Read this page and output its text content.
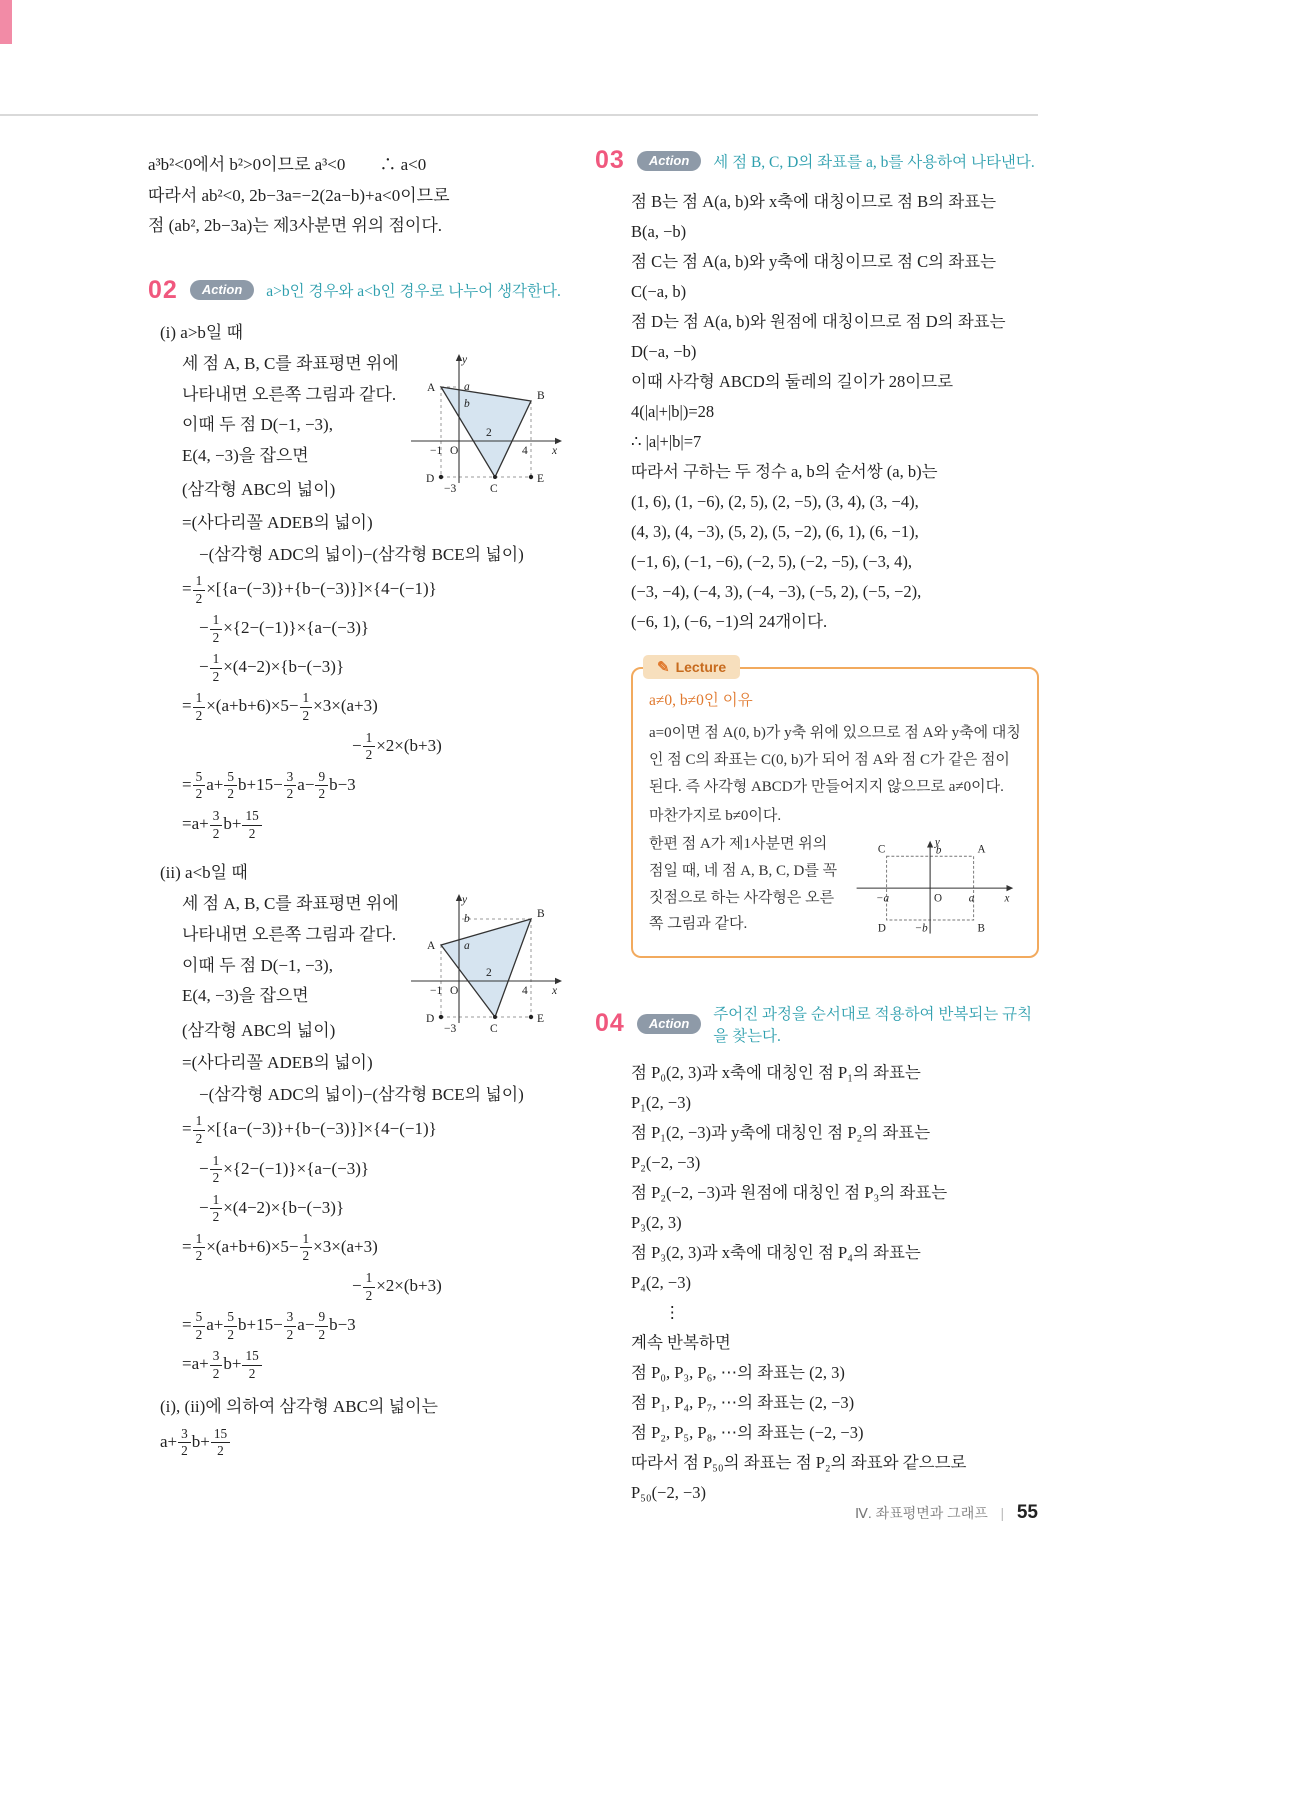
a³b²<0에서 b²>0이므로 a³<0　　∴ a<0
따라서 ab²<0, 2b−3a=−2(2a−b)+a<0이므로
점 (ab², 2b−3a)는 제3사분면 위의 점이다.
02	Action	a>b인 경우와 a<b인 경우로 나누어 생각한다.
(i) a>b일 때
y
A a
b
B
2
−1 O	4 x
D
−3	C
E
세 점 A, B, C를 좌표평면 위에
나타내면 오른쪽 그림과 같다.
이때 두 점 D(−1, −3),
E(4, −3)을 잡으면
(삼각형 ABC의 넓이)
=(사다리꼴 ADEB의 넓이)
　−(삼각형 ADC의 넓이)−(삼각형 BCE의 넓이)
= $\frac{1}{2} \times[\{a-(-3)\}+\{b-(-3)\}]\times\{4-(-1)\}$
　− $\frac{1}{2} \times\{2-(-1)\}\times\{a-(-3)\}$
　− $\frac{1}{2} \times(4-2)\times\{b-(-3)\}$
= $\frac{1}{2} \times(a+b+6)\times 5- \frac{1}{2} \times 3\times(a+3)$
　　　　　　　　　　− $\frac{1}{2} \times 2\times(b+3)$
= $\frac{5}{2} a+ \frac{5}{2} b+15- \frac{3}{2} a- \frac{9}{2} b-3$
$=a+ \frac{3}{2} b+ \frac{15}{2}$
(ii) a<b일 때
y
b	B
A a
2
−1 O	4 x
D
−3	C
E
세 점 A, B, C를 좌표평면 위에
나타내면 오른쪽 그림과 같다.
이때 두 점 D(−1, −3),
E(4, −3)을 잡으면
(삼각형 ABC의 넓이)
=(사다리꼴 ADEB의 넓이)
　−(삼각형 ADC의 넓이)−(삼각형 BCE의 넓이)
= $\frac{1}{2} \times[\{a-(-3)\}+\{b-(-3)\}]\times\{4-(-1)\}$
　− $\frac{1}{2} \times\{2-(-1)\}\times\{a-(-3)\}$
　− $\frac{1}{2} \times(4-2)\times\{b-(-3)\}$
= $\frac{1}{2} \times(a+b+6)\times 5- \frac{1}{2} \times 3\times(a+3)$
　　　　　　　　　　− $\frac{1}{2} \times 2\times(b+3)$
= $\frac{5}{2} a+ \frac{5}{2} b+15- \frac{3}{2} a- \frac{9}{2} b-3$
$=a+ \frac{3}{2} b+ \frac{15}{2}$
(i), (ii)에 의하여 삼각형 ABC의 넓이는
$a+ \frac{3}{2} b+ \frac{15}{2}$
03	Action	세 점 B, C, D의 좌표를 a, b를 사용하여 나타낸다.
점 B는 점 A(a, b)와 x축에 대칭이므로 점 B의 좌표는
B(a, −b)
점 C는 점 A(a, b)와 y축에 대칭이므로 점 C의 좌표는
C(−a, b)
점 D는 점 A(a, b)와 원점에 대칭이므로 점 D의 좌표는
D(−a, −b)
이때 사각형 ABCD의 둘레의 길이가 28이므로
4(|a|+|b|)=28
∴ |a|+|b|=7
따라서 구하는 두 정수 a, b의 순서쌍 (a, b)는
(1, 6), (1, −6), (2, 5), (2, −5), (3, 4), (3, −4),
(4, 3), (4, −3), (5, 2), (5, −2), (6, 1), (6, −1),
(−1, 6), (−1, −6), (−2, 5), (−2, −5), (−3, 4),
(−3, −4), (−4, 3), (−4, −3), (−5, 2), (−5, −2),
(−6, 1), (−6, −1)의 24개이다.
✎ Lecture
a≠0, b≠0인 이유

a=0이면 점 A(0, b)가 y축 위에 있으므로 점 A와 y축에 대칭인 점 C의 좌표는 C(0, b)가 되어 점 A와 점 C가 같은 점이 된다. 즉 사각형 ABCD가 만들어지지 않으므로 a≠0이다.

마찬가지로 b≠0이다.

y
C	b	A
−a	O a	x
D −b	B

한편 점 A가 제1사분면 위의 점일 때, 네 점 A, B, C, D를 꼭짓점으로 하는 사각형은 오른쪽 그림과 같다.

04	Action
주어진 과정을 순서대로 적용하여 반복되는 규칙을 찾는다.
점 P₀(2, 3)과 x축에 대칭인 점 P₁의 좌표는
P₁(2, −3)
점 P₁(2, −3)과 y축에 대칭인 점 P₂의 좌표는
P₂(−2, −3)
점 P₂(−2, −3)과 원점에 대칭인 점 P₃의 좌표는
P₃(2, 3)
점 P₃(2, 3)과 x축에 대칭인 점 P₄의 좌표는
P₄(2, −3)
　　⋮
계속 반복하면
점 P₀, P₃, P₆, ⋯의 좌표는 (2, 3)
점 P₁, P₄, P₇, ⋯의 좌표는 (2, −3)
점 P₂, P₅, P₈, ⋯의 좌표는 (−2, −3)
따라서 점 P₅₀의 좌표는 점 P₂의 좌표와 같으므로
P₅₀(−2, −3)
Ⅳ. 좌표평면과 그래프 | 55
